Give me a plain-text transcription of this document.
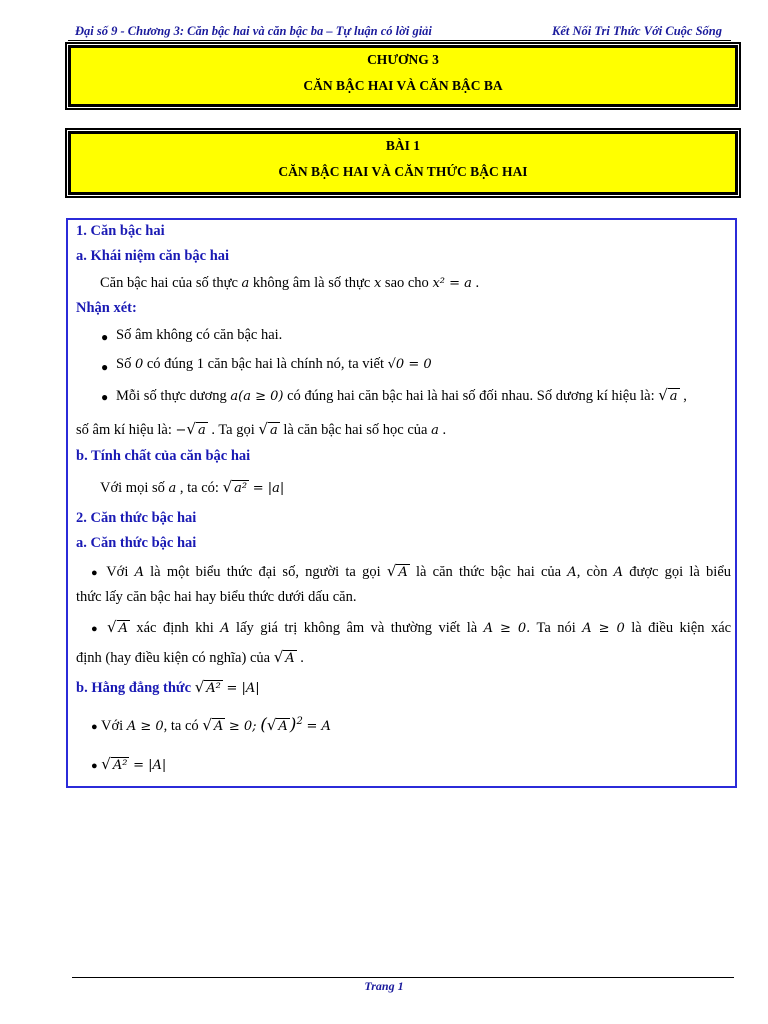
Đại số 9 - Chương 3: Căn bậc hai và căn bậc ba – Tự luận có lời giải	Kết Nối Tri Thức Với Cuộc Sống
CHƯƠNG 3
CĂN BẬC HAI VÀ CĂN BẬC BA
BÀI 1
CĂN BẬC HAI VÀ CĂN THỨC BẬC HAI
1. Căn bậc hai
a. Khái niệm căn bậc hai
Căn bậc hai của số thực a không âm là số thực x sao cho x² = a .
Nhận xét:
● Số âm không có căn bậc hai.
● Số 0 có đúng 1 căn bậc hai là chính nó, ta viết √0 = 0
● Mỗi số thực dương a(a ≥ 0) có đúng hai căn bậc hai là hai số đối nhau. Số dương kí hiệu là: √ a ,
số âm kí hiệu là: −√ a . Ta gọi √ a là căn bậc hai số học của a .
b. Tính chất của căn bậc hai
Với mọi số a , ta có: √ a² = |a|
2. Căn thức bậc hai
a. Căn thức bậc hai
● Với A là một biểu thức đại số, người ta gọi √ A là căn thức bậc hai của A, còn A được gọi là biểu
thức lấy căn bậc hai hay biểu thức dưới dấu căn.
● √ A xác định khi A lấy giá trị không âm và thường viết là A ≥ 0. Ta nói A ≥ 0 là điều kiện xác
định (hay điều kiện có nghĩa) của √ A .
b. Hằng đẳng thức √ A² = |A|
● Với A ≥ 0, ta có √ A ≥ 0; (√ A )$^2$ = A
● √ A² = |A|
Trang 1
